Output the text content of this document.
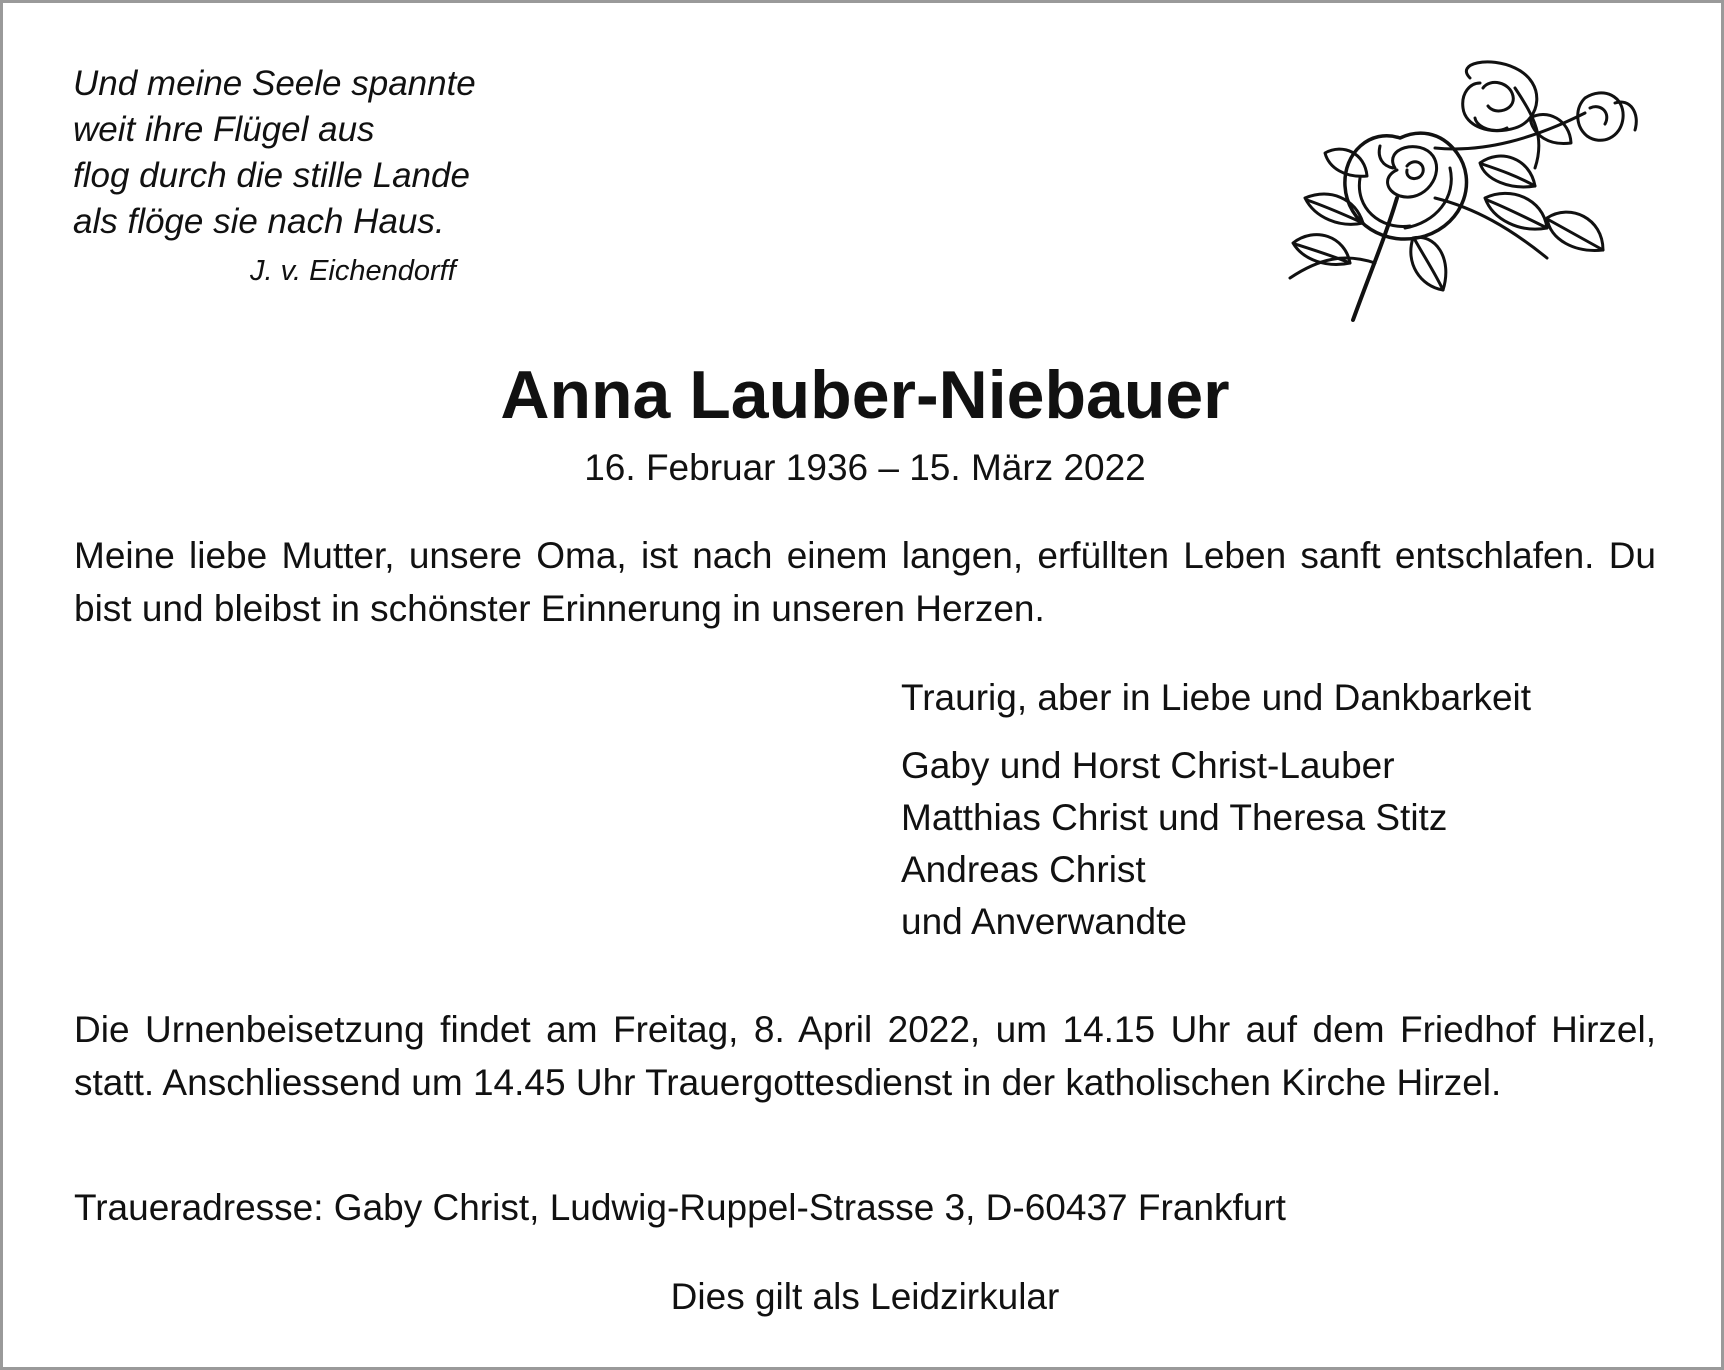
Und meine Seele spannte
weit ihre Flügel aus
flog durch die stille Lande
als flöge sie nach Haus.
J. v. Eichendorff
Anna Lauber-Niebauer
16. Februar 1936 – 15. März 2022
Meine liebe Mutter, unsere Oma, ist nach einem langen, erfüllten Leben sanft entschlafen. Du bist und bleibst in schönster Erinnerung in unseren Herzen.
Traurig, aber in Liebe und Dankbarkeit
Gaby und Horst Christ-Lauber
Matthias Christ und Theresa Stitz
Andreas Christ
und Anverwandte
Die Urnenbeisetzung findet am Freitag, 8. April 2022, um 14.15 Uhr auf dem Friedhof Hirzel, statt. Anschliessend um 14.45 Uhr Trauergottesdienst in der katholischen Kirche Hirzel.
Traueradresse: Gaby Christ, Ludwig-Ruppel-Strasse 3, D-60437 Frankfurt
Dies gilt als Leidzirkular
